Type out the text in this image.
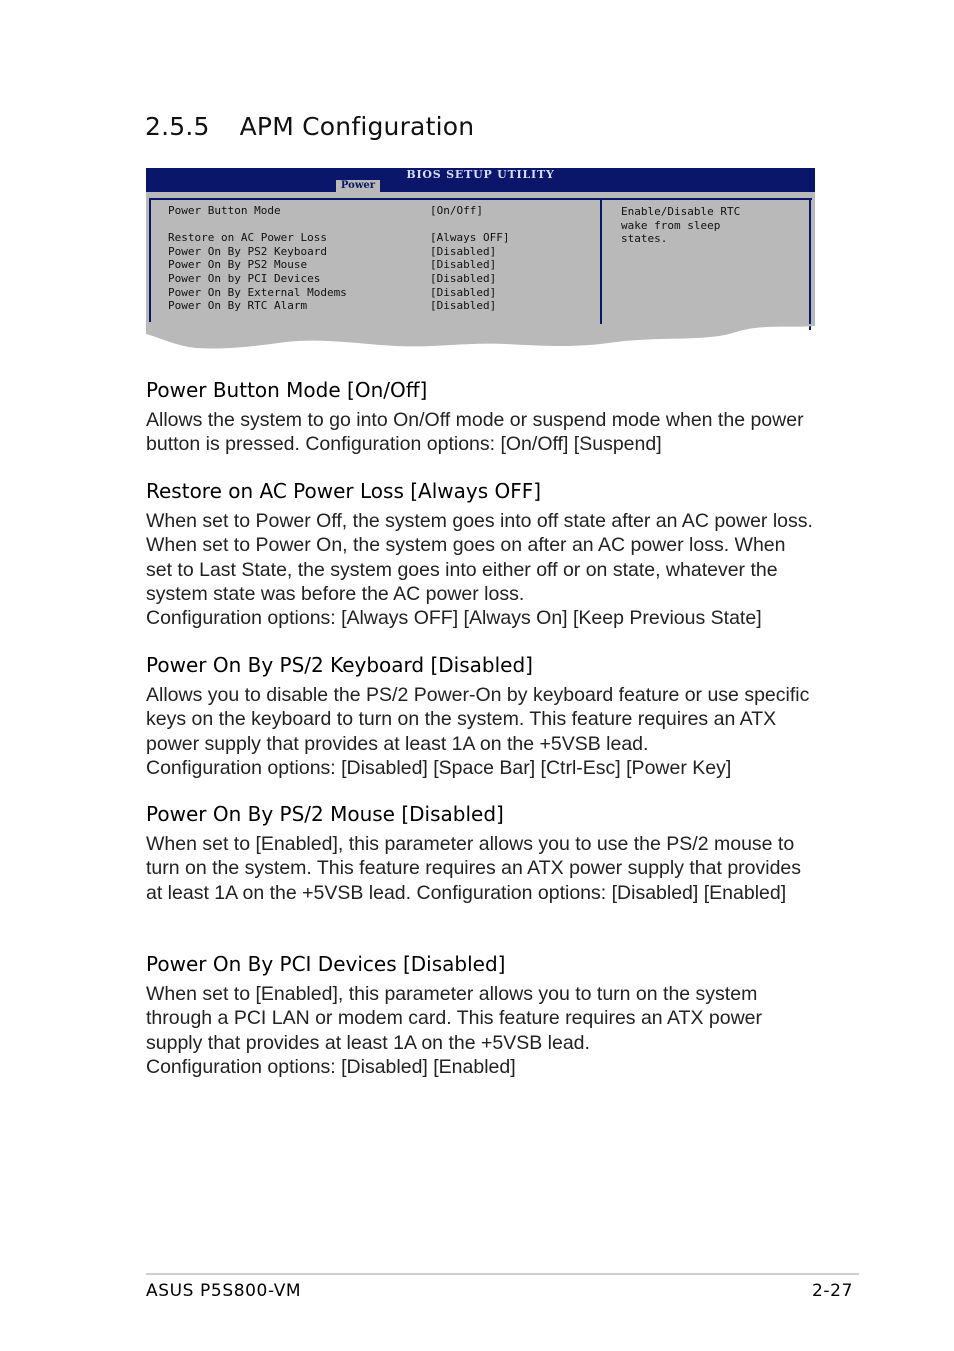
2.5.5 APM Configuration
BIOS SETUP UTILITY
Power
Power Button Mode	[On/Off]
Restore on AC Power Loss	[Always OFF]
Power On By PS2 Keyboard	[Disabled]
Power On By PS2 Mouse	[Disabled]
Power On by PCI Devices	[Disabled]
Power On By External Modems	[Disabled]
Power On By RTC Alarm	[Disabled]
Enable/Disable RTC
wake from sleep
states.
Power Button Mode [On/Off]

Allows the system to go into On/Off mode or suspend mode when the power button is pressed. Configuration options: [On/Off] [Suspend]

Restore on AC Power Loss [Always OFF]

When set to Power Off, the system goes into off state after an AC power loss. When set to Power On, the system goes on after an AC power loss. When set to Last State, the system goes into either off or on state, whatever the system state was before the AC power loss.

Configuration options: [Always OFF] [Always On] [Keep Previous State]

Power On By PS/2 Keyboard [Disabled]

Allows you to disable the PS/2 Power-On by keyboard feature or use specific keys on the keyboard to turn on the system. This feature requires an ATX power supply that provides at least 1A on the +5VSB lead.

Configuration options: [Disabled] [Space Bar] [Ctrl-Esc] [Power Key]

Power On By PS/2 Mouse [Disabled]

When set to [Enabled], this parameter allows you to use the PS/2 mouse to turn on the system. This feature requires an ATX power supply that provides at least 1A on the +5VSB lead. Configuration options: [Disabled] [Enabled]

Power On By PCI Devices [Disabled]

When set to [Enabled], this parameter allows you to turn on the system through a PCI LAN or modem card. This feature requires an ATX power supply that provides at least 1A on the +5VSB lead.

Configuration options: [Disabled] [Enabled]

ASUS P5S800-VM	2-27
